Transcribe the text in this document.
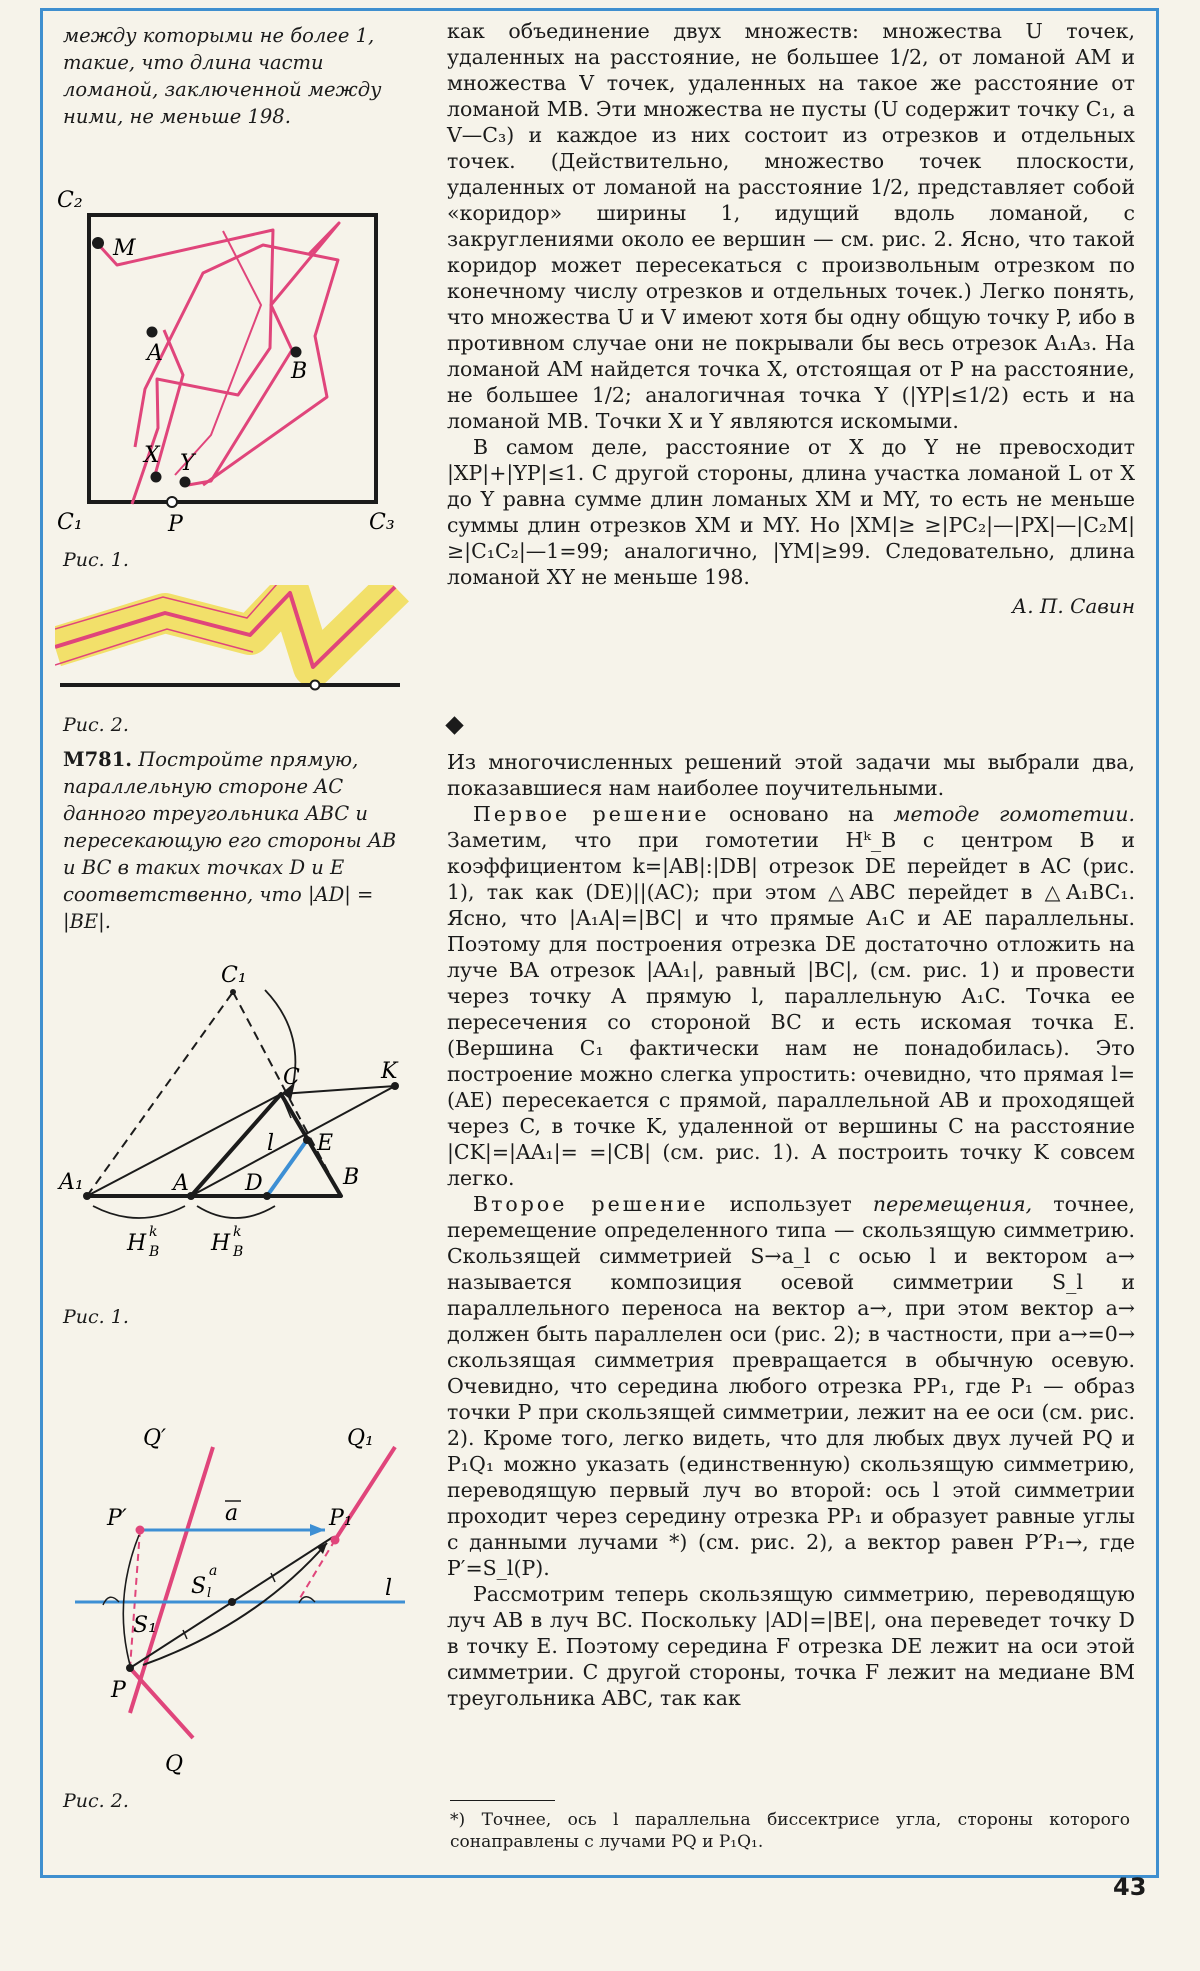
между которыми не более 1, такие, что длина части ломаной, заключенной между ними, не меньше 198.

C₂
M
A
B
X Y
C₁	P	C₃

Рис. 1.

Рис. 2.

М781. Постройте прямую, параллельную стороне AC данного треугольника ABC и пересекающую его стороны AB и BC в таких точках D и E соответственно, что |AD| = |BE|.

C₁
C	K
l E
A₁	A	D	B
H k
B H k
B

Рис. 1.

Q′	Q₁
P′	a	P₁
S l
a
l
S₁
P
Q

Рис. 2.

как объединение двух множеств: множества U точек, удаленных на расстояние, не большее 1/2, от ломаной AM и множества V точек, удаленных на такое же расстояние от ломаной MB. Эти множества не пусты (U содержит точку C₁, а V—C₃) и каждое из них состоит из отрезков и отдельных точек. (Действительно, множество точек плоскости, удаленных от ломаной на расстояние 1/2, представляет собой «коридор» ширины 1, идущий вдоль ломаной, с закруглениями около ее вершин — см. рис. 2. Ясно, что такой коридор может пересекаться с произвольным отрезком по конечному числу отрезков и отдельных точек.) Легко понять, что множества U и V имеют хотя бы одну общую точку P, ибо в противном случае они не покрывали бы весь отрезок A₁A₃. На ломаной AM найдется точка X, отстоящая от P на расстояние, не большее 1/2; аналогичная точка Y (|YP|≤1/2) есть и на ломаной MB. Точки X и Y являются искомыми.

В самом деле, расстояние от X до Y не превосходит |XP|+|YP|≤1. С другой стороны, длина участка ломаной L от X до Y равна сумме длин ломаных XM и MY, то есть не меньше суммы длин отрезков XM и MY. Но |XM|≥ ≥|PC₂|—|PX|—|C₂M|≥|C₁C₂|—1=99; аналогично, |YM|≥99. Следовательно, длина ломаной XY не меньше 198.

А. П. Савин

Из многочисленных решений этой задачи мы выбрали два, показавшиеся нам наиболее поучительными.

Первое решение основано на методе гомотетии. Заметим, что при гомотетии Hᵏ_B с центром B и коэффициентом k=|AB|:|DB| отрезок DE перейдет в AC (рис. 1), так как (DE)||(AC); при этом △ABC перейдет в △A₁BC₁. Ясно, что |A₁A|=|BC| и что прямые A₁C и AE параллельны. Поэтому для построения отрезка DE достаточно отложить на луче BA отрезок |AA₁|, равный |BC|, (см. рис. 1) и провести через точку A прямую l, параллельную A₁C. Точка ее пересечения со стороной BC и есть искомая точка E. (Вершина C₁ фактически нам не понадобилась). Это построение можно слегка упростить: очевидно, что прямая l=(AE) пересекается с прямой, параллельной AB и проходящей через C, в точке K, удаленной от вершины C на расстояние |CK|=|AA₁|= =|CB| (см. рис. 1). А построить точку K совсем легко.

Второе решение использует перемещения, точнее, перемещение определенного типа — скользящую симметрию. Скользящей симметрией S→a_l с осью l и вектором a→ называется композиция осевой симметрии S_l и параллельного переноса на вектор a→, при этом вектор a→ должен быть параллелен оси (рис. 2); в частности, при a→=0→ скользящая симметрия превращается в обычную осевую. Очевидно, что середина любого отрезка PP₁, где P₁ — образ точки P при скользящей симметрии, лежит на ее оси (см. рис. 2). Кроме того, легко видеть, что для любых двух лучей PQ и P₁Q₁ можно указать (единственную) скользящую симметрию, переводящую первый луч во второй: ось l этой симметрии проходит через середину отрезка PP₁ и образует равные углы с данными лучами *) (см. рис. 2), а вектор равен P′P₁→, где P′=S_l(P).

Рассмотрим теперь скользящую симметрию, переводящую луч AB в луч BC. Поскольку |AD|=|BE|, она переведет точку D в точку E. Поэтому середина F отрезка DE лежит на оси этой симметрии. С другой стороны, точка F лежит на медиане BM треугольника ABC, так как

*) Точнее, ось l параллельна биссектрисе угла, стороны которого сонаправлены с лучами PQ и P₁Q₁.

43
